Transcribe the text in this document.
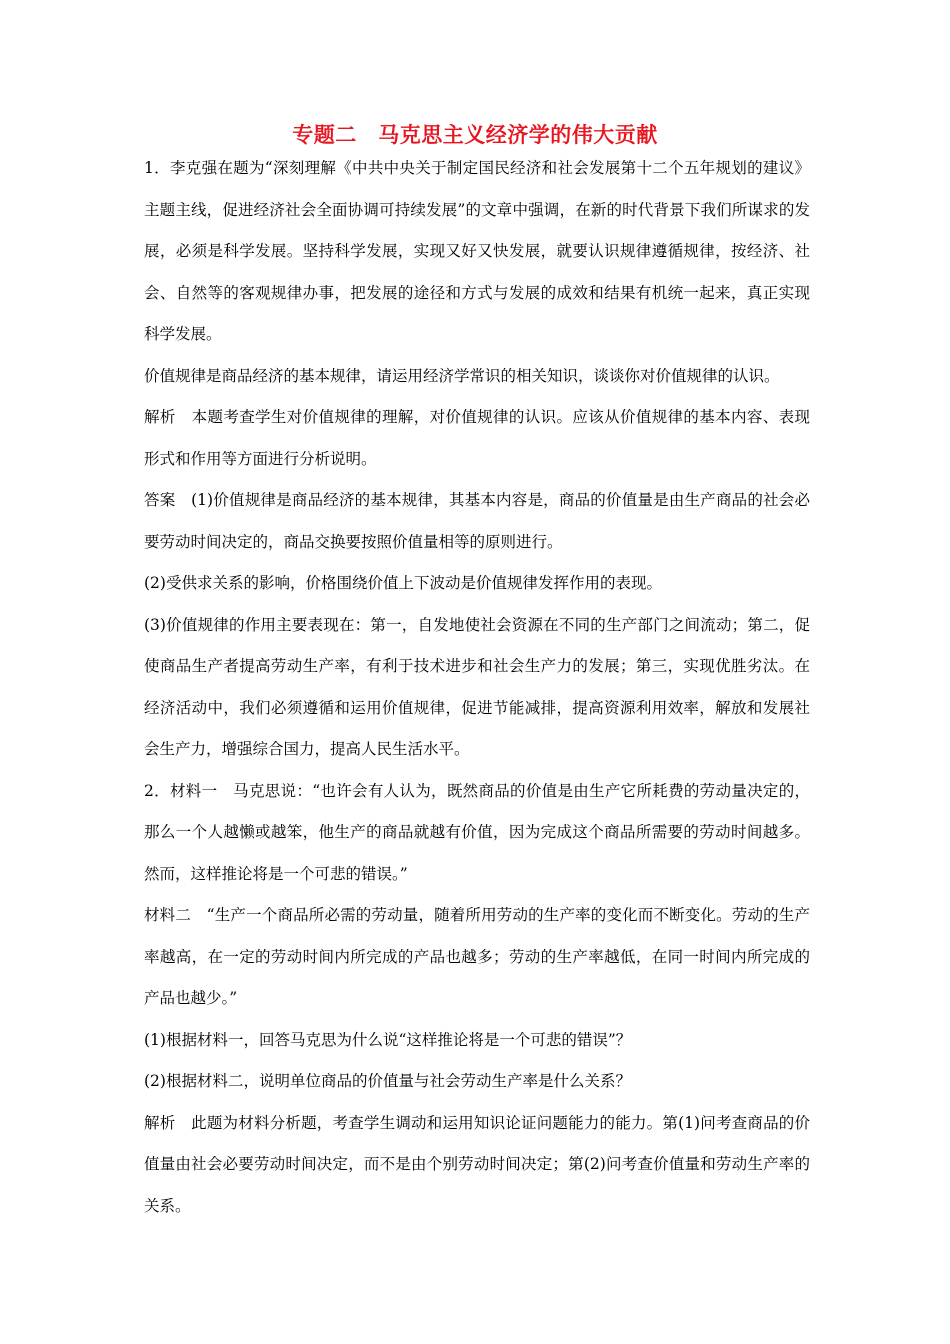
专题二　马克思主义经济学的伟大贡献

1．李克强在题为“深刻理解《中共中央关于制定国民经济和社会发展第十二个五年规划的建议》主题主线，促进经济社会全面协调可持续发展”的文章中强调，在新的时代背景下我们所谋求的发展，必须是科学发展。坚持科学发展，实现又好又快发展，就要认识规律遵循规律，按经济、社会、自然等的客观规律办事，把发展的途径和方式与发展的成效和结果有机统一起来，真正实现科学发展。

价值规律是商品经济的基本规律，请运用经济学常识的相关知识，谈谈你对价值规律的认识。

解析　本题考查学生对价值规律的理解，对价值规律的认识。应该从价值规律的基本内容、表现形式和作用等方面进行分析说明。

答案　(1)价值规律是商品经济的基本规律，其基本内容是，商品的价值量是由生产商品的社会必要劳动时间决定的，商品交换要按照价值量相等的原则进行。

(2)受供求关系的影响，价格围绕价值上下波动是价值规律发挥作用的表现。

(3)价值规律的作用主要表现在：第一，自发地使社会资源在不同的生产部门之间流动；第二，促使商品生产者提高劳动生产率，有利于技术进步和社会生产力的发展；第三，实现优胜劣汰。在经济活动中，我们必须遵循和运用价值规律，促进节能减排，提高资源利用效率，解放和发展社会生产力，增强综合国力，提高人民生活水平。

2．材料一　马克思说：“也许会有人认为，既然商品的价值是由生产它所耗费的劳动量决定的，那么一个人越懒或越笨，他生产的商品就越有价值，因为完成这个商品所需要的劳动时间越多。然而，这样推论将是一个可悲的错误。”

材料二　“生产一个商品所必需的劳动量，随着所用劳动的生产率的变化而不断变化。劳动的生产率越高，在一定的劳动时间内所完成的产品也越多；劳动的生产率越低，在同一时间内所完成的产品也越少。”

(1)根据材料一，回答马克思为什么说“这样推论将是一个可悲的错误”？

(2)根据材料二，说明单位商品的价值量与社会劳动生产率是什么关系？

解析　此题为材料分析题，考查学生调动和运用知识论证问题能力的能力。第(1)问考查商品的价值量由社会必要劳动时间决定，而不是由个别劳动时间决定；第(2)问考查价值量和劳动生产率的关系。
